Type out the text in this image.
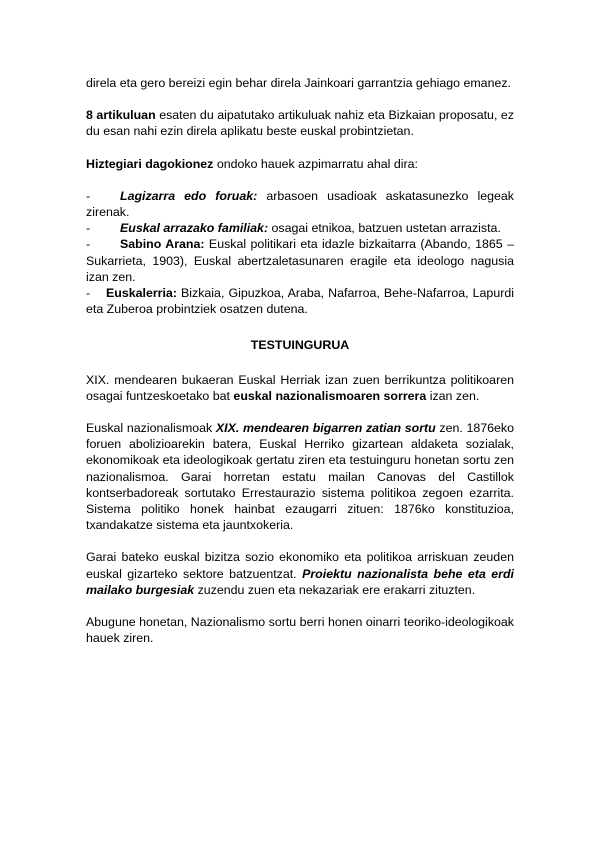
direla eta gero bereizi egin behar direla Jainkoari garrantzia gehiago emanez.

8 artikuluan esaten du aipatutako artikuluak nahiz eta Bizkaian proposatu, ez du esan nahi ezin direla aplikatu beste euskal probintzietan.

Hiztegiari dagokionez ondoko hauek azpimarratu ahal dira:

- Lagizarra edo foruak: arbasoen usadioak askatasunezko legeak zirenak.

- Euskal arrazako familiak: osagai etnikoa, batzuen ustetan arrazista.

- Sabino Arana: Euskal politikari eta idazle bizkaitarra (Abando, 1865 – Sukarrieta, 1903), Euskal abertzaletasunaren eragile eta ideologo nagusia izan zen.

- Euskalerria: Bizkaia, Gipuzkoa, Araba, Nafarroa, Behe-Nafarroa, Lapurdi eta Zuberoa probintziek osatzen dutena.

TESTUINGURUA

XIX. mendearen bukaeran Euskal Herriak izan zuen berrikuntza politikoaren osagai funtzeskoetako bat euskal nazionalismoaren sorrera izan zen.

Euskal nazionalismoak XIX. mendearen bigarren zatian sortu zen. 1876eko foruen abolizioarekin batera, Euskal Herriko gizartean aldaketa sozialak, ekonomikoak eta ideologikoak gertatu ziren eta testuinguru honetan sortu zen nazionalismoa. Garai horretan estatu mailan Canovas del Castillok kontserbadoreak sortutako Errestaurazio sistema politikoa zegoen ezarrita. Sistema politiko honek hainbat ezaugarri zituen: 1876ko konstituzioa, txandakatze sistema eta jauntxokeria.

Garai bateko euskal bizitza sozio ekonomiko eta politikoa arriskuan zeuden euskal gizarteko sektore batzuentzat. Proiektu nazionalista behe eta erdi mailako burgesiak zuzendu zuen eta nekazariak ere erakarri zituzten.

Abugune honetan, Nazionalismo sortu berri honen oinarri teoriko-ideologikoak hauek ziren.
